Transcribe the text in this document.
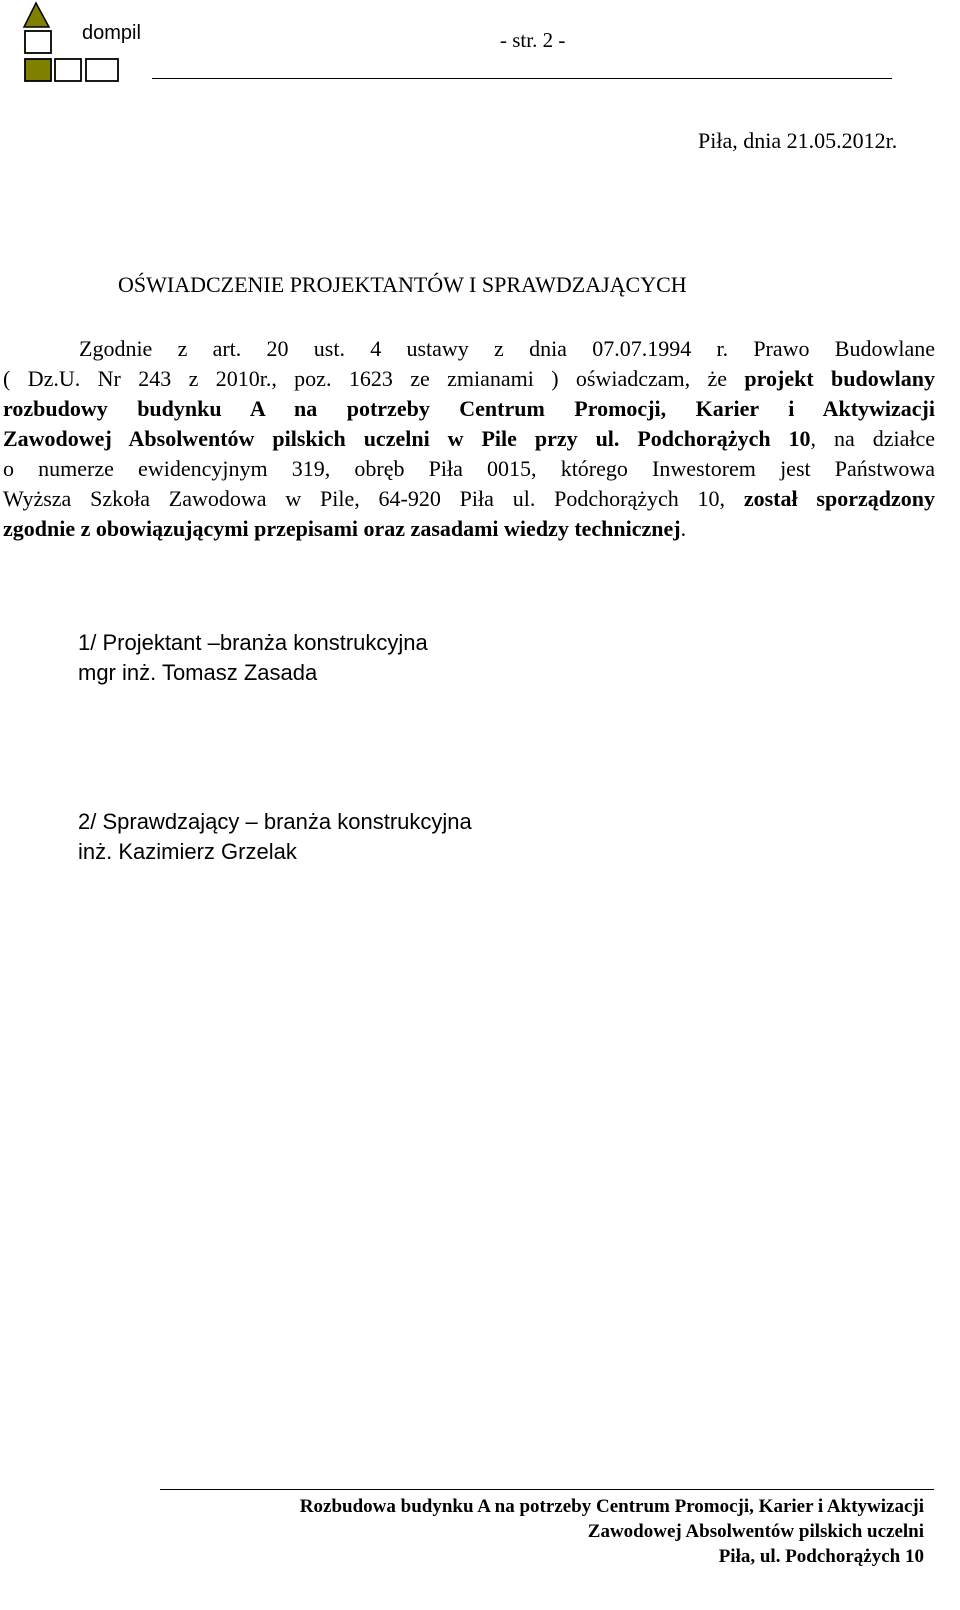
dompil	- str. 2 -
Piła, dnia 21.05.2012r.
OŚWIADCZENIE PROJEKTANTÓW I SPRAWDZAJĄCYCH
Zgodnie z art. 20 ust. 4 ustawy z dnia 07.07.1994 r. Prawo Budowlane
( Dz.U. Nr 243 z 2010r., poz. 1623 ze zmianami ) oświadczam, że projekt budowlany
rozbudowy budynku A na potrzeby Centrum Promocji, Karier i Aktywizacji
Zawodowej Absolwentów pilskich uczelni w Pile przy ul. Podchorążych 10, na działce
o numerze ewidencyjnym 319, obręb Piła 0015, którego Inwestorem jest Państwowa
Wyższa Szkoła Zawodowa w Pile, 64-920 Piła ul. Podchorążych 10, został sporządzony
zgodnie z obowiązującymi przepisami oraz zasadami wiedzy technicznej.
1/ Projektant –branża konstrukcyjna
mgr inż. Tomasz Zasada
2/ Sprawdzający – branża konstrukcyjna
inż. Kazimierz Grzelak
Rozbudowa budynku A na potrzeby Centrum Promocji, Karier i Aktywizacji
Zawodowej Absolwentów pilskich uczelni
Piła, ul. Podchorążych 10
